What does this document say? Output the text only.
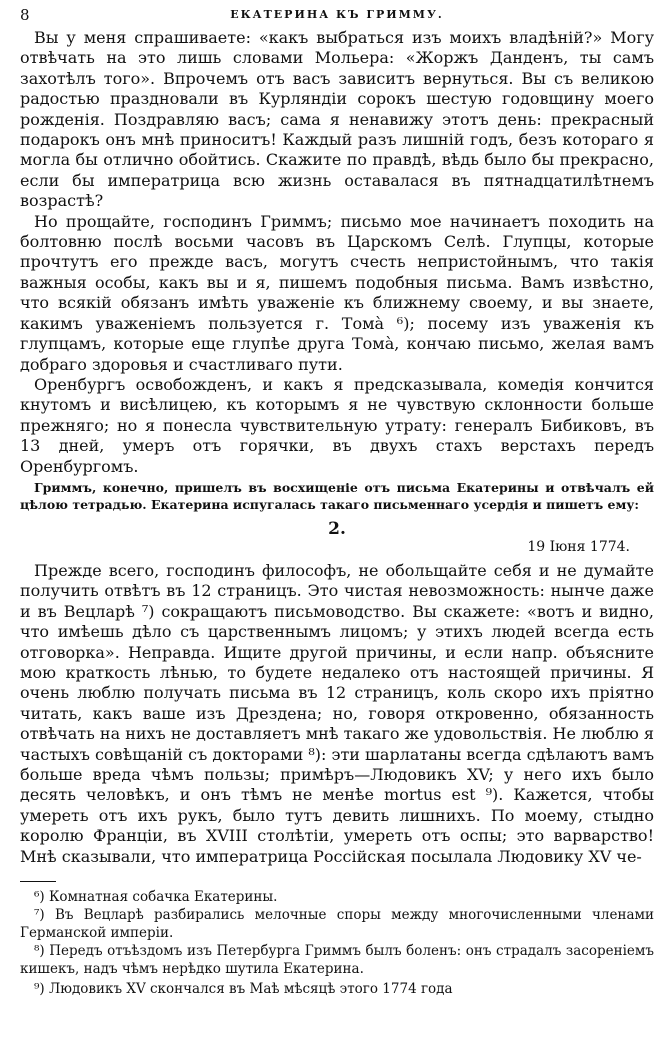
8	ЕКАТЕРИНА КЪ ГРИММУ.

Вы у меня спрашиваете: «какъ выбраться изъ моихъ владѣній?» Могу отвѣчать на это лишь словами Мольера: «Жоржъ Данденъ, ты самъ захотѣлъ того». Впрочемъ отъ васъ зависитъ вернуться. Вы съ великою радостью праздновали въ Курляндіи сорокъ шестую годовщину моего рожденія. Поздравляю васъ; сама я ненавижу этотъ день: прекрасный подарокъ онъ мнѣ приноситъ! Каждый разъ лишній годъ, безъ котораго я могла бы отлично обойтись. Скажите по правдѣ, вѣдь было бы прекрасно, если бы императрица всю жизнь оставалася въ пятнадцатилѣтнемъ возрастѣ?

Но прощайте, господинъ Гриммъ; письмо мое начинаетъ походить на болтовню послѣ восьми часовъ въ Царскомъ Селѣ. Глупцы, которые прочтутъ его прежде васъ, могутъ счесть непристойнымъ, что такія важныя особы, какъ вы и я, пишемъ подобныя письма. Вамъ извѣстно, что всякій обязанъ имѣть уваженіе къ ближнему своему, и вы знаете, какимъ уваженіемъ пользуется г. Томà ⁶); посему изъ уваженія къ глупцамъ, которые еще глупѣе друга Томà, кончаю письмо, желая вамъ добраго здоровья и счастливаго пути.

Оренбургъ освобожденъ, и какъ я предсказывала, комедія кончится кнутомъ и висѣлицею, къ которымъ я не чувствую склонности больше прежняго; но я понесла чувствительную утрату: генералъ Бибиковъ, въ 13 дней, умеръ отъ горячки, въ двухъ стахъ верстахъ передъ Оренбургомъ.

Гриммъ, конечно, пришелъ въ восхищеніе отъ письма Екатерины и отвѣчалъ ей цѣлою тетрадью. Екатерина испугалась такаго письменнаго усердія и пишетъ ему:

2.
19 Іюня 1774.

Прежде всего, господинъ философъ, не обольщайте себя и не думайте получить отвѣтъ въ 12 страницъ. Это чистая невозможность: нынче даже и въ Вецларѣ ⁷) сокращаютъ письмоводство. Вы скажете: «вотъ и видно, что имѣешь дѣло съ царственнымъ лицомъ; у этихъ людей всегда есть отговорка». Неправда. Ищите другой причины, и если напр. объясните мою краткость лѣнью, то будете недалеко отъ настоящей причины. Я очень люблю получать письма въ 12 страницъ, коль скоро ихъ пріятно читать, какъ ваше изъ Дрездена; но, говоря откровенно, обязанность отвѣчать на нихъ не доставляетъ мнѣ такаго же удовольствія. Не люблю я частыхъ совѣщаній съ докторами ⁸): эти шарлатаны всегда сдѣлаютъ вамъ больше вреда чѣмъ пользы; примѣръ—Людовикъ XV; у него ихъ было десять человѣкъ, и онъ тѣмъ не менѣе mortus est ⁹). Кажется, чтобы умереть отъ ихъ рукъ, было тутъ девить лишнихъ. По моему, стыдно королю Франціи, въ XVIII столѣтіи, умереть отъ оспы; это варварство! Мнѣ сказывали, что императрица Россійская посылала Людовику XV че-

⁶) Комнатная собачка Екатерины.

⁷) Въ Вецларѣ разбирались мелочные споры между многочисленными членами Германской имперіи.

⁸) Передъ отъѣздомъ изъ Петербурга Гриммъ былъ боленъ: онъ страдалъ засореніемъ кишекъ, надъ чѣмъ нерѣдко шутила Екатерина.

⁹) Людовикъ XV скончался въ Маѣ мѣсяцѣ этого 1774 года
